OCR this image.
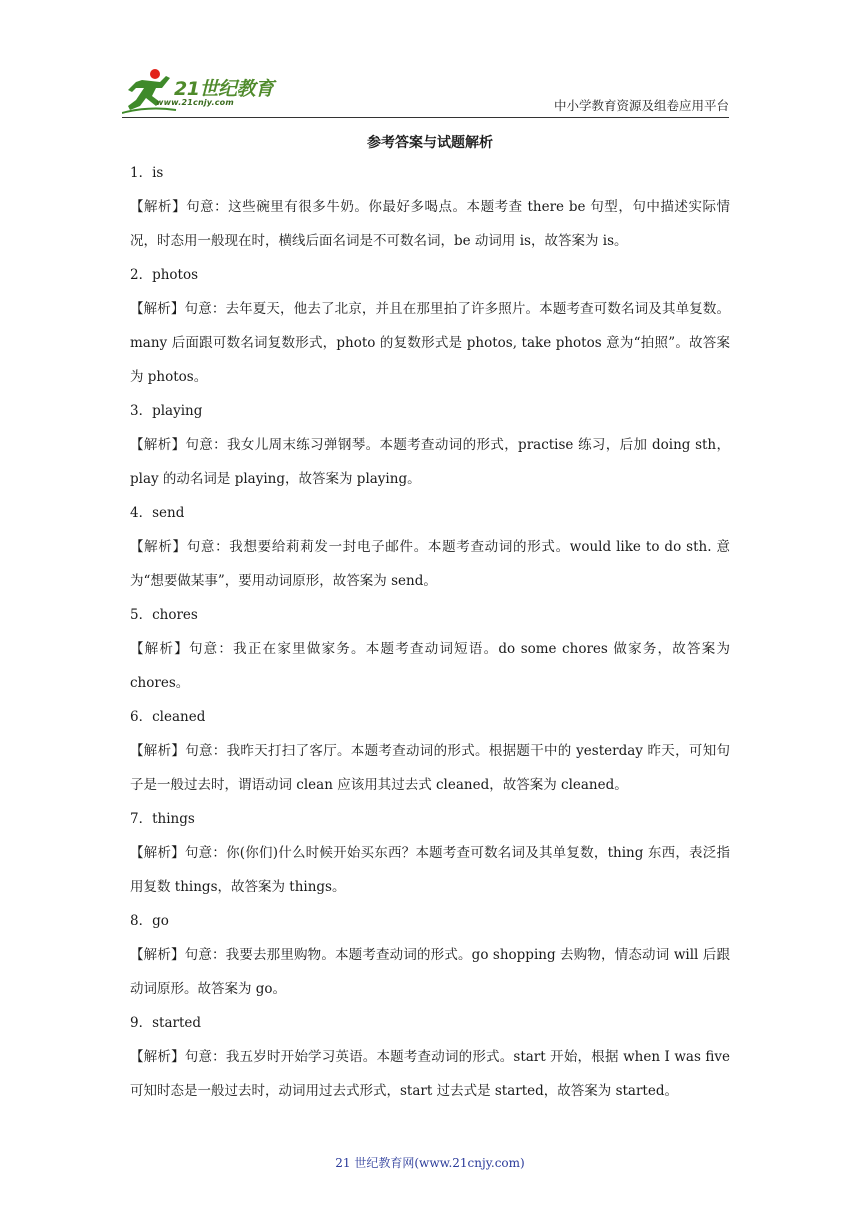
21世纪教育
www.21cnjy.com	中小学教育资源及组卷应用平台

参考答案与试题解析

1．is

【解析】句意：这些碗里有很多牛奶。你最好多喝点。本题考查 there be 句型，句中描述实际情况，时态用一般现在时，横线后面名词是不可数名词，be 动词用 is，故答案为 is。

2．photos

【解析】句意：去年夏天，他去了北京，并且在那里拍了许多照片。本题考查可数名词及其单复数。many 后面跟可数名词复数形式，photo 的复数形式是 photos, take photos 意为“拍照”。故答案为 photos。

3．playing

【解析】句意：我女儿周末练习弹钢琴。本题考查动词的形式，practise 练习，后加 doing sth，play 的动名词是 playing，故答案为 playing。

4．send

【解析】句意：我想要给莉莉发一封电子邮件。本题考查动词的形式。would like to do sth. 意为“想要做某事”，要用动词原形，故答案为 send。

5．chores

【解析】句意：我正在家里做家务。本题考查动词短语。do some chores 做家务，故答案为 chores。

6．cleaned

【解析】句意：我昨天打扫了客厅。本题考查动词的形式。根据题干中的 yesterday 昨天，可知句子是一般过去时，谓语动词 clean 应该用其过去式 cleaned，故答案为 cleaned。

7．things

【解析】句意：你(你们)什么时候开始买东西？本题考查可数名词及其单复数，thing 东西，表泛指用复数 things，故答案为 things。

8．go

【解析】句意：我要去那里购物。本题考查动词的形式。go shopping 去购物，情态动词 will 后跟动词原形。故答案为 go。

9．started

【解析】句意：我五岁时开始学习英语。本题考查动词的形式。start 开始，根据 when I was five 可知时态是一般过去时，动词用过去式形式，start 过去式是 started，故答案为 started。

21 世纪教育网(www.21cnjy.com)
